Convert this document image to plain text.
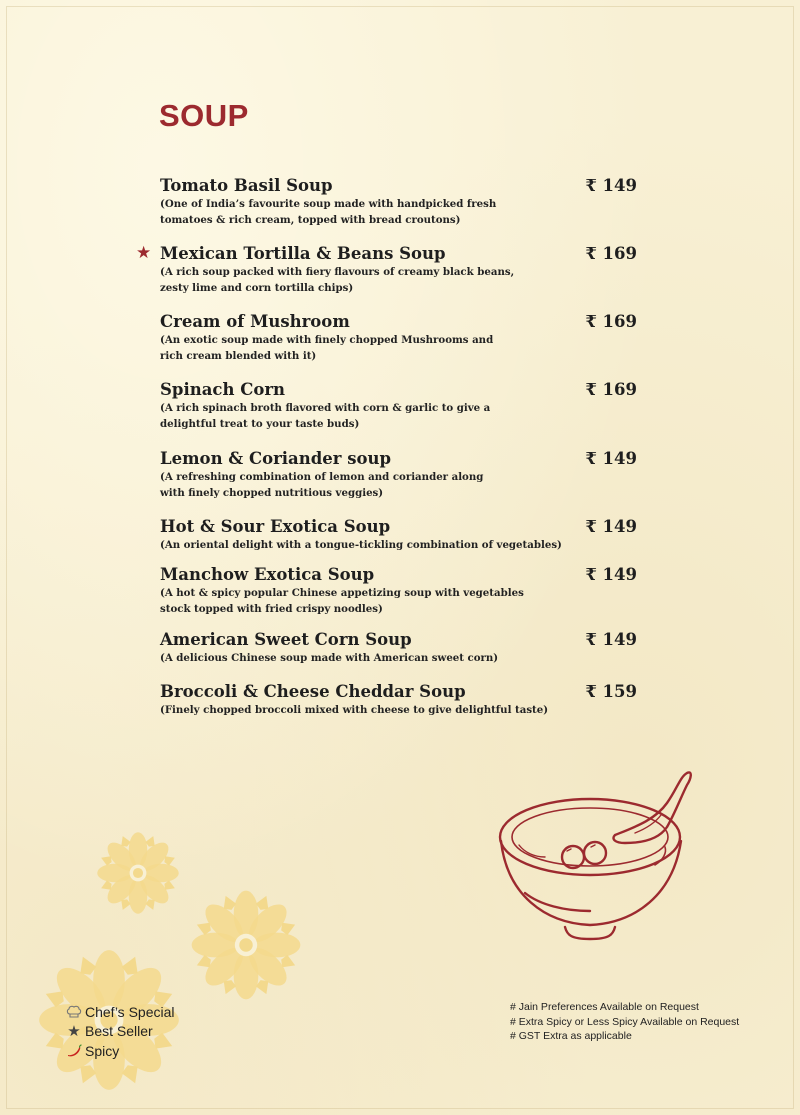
SOUP
Tomato Basil Soup	₹ 149
(One of India’s favourite soup made with handpicked fresh
tomatoes & rich cream, topped with bread croutons)
★ Mexican Tortilla & Beans Soup	₹ 169
(A rich soup packed with fiery flavours of creamy black beans,
zesty lime and corn tortilla chips)
Cream of Mushroom	₹ 169
(An exotic soup made with finely chopped Mushrooms and
rich cream blended with it)
Spinach Corn	₹ 169
(A rich spinach broth flavored with corn & garlic to give a
delightful treat to your taste buds)
Lemon & Coriander soup	₹ 149
(A refreshing combination of lemon and coriander along
with finely chopped nutritious veggies)
Hot & Sour Exotica Soup	₹ 149
(An oriental delight with a tongue-tickling combination of vegetables)
Manchow Exotica Soup	₹ 149
(A hot & spicy popular Chinese appetizing soup with vegetables
stock topped with fried crispy noodles)
American Sweet Corn Soup	₹ 149
(A delicious Chinese soup made with American sweet corn)
Broccoli & Cheese Cheddar Soup	₹ 159
(Finely chopped broccoli mixed with cheese to give delightful taste)
Chef’s Special
★ Best Seller
Spicy
# Jain Preferences Available on Request
# Extra Spicy or Less Spicy Available on Request
# GST Extra as applicable
